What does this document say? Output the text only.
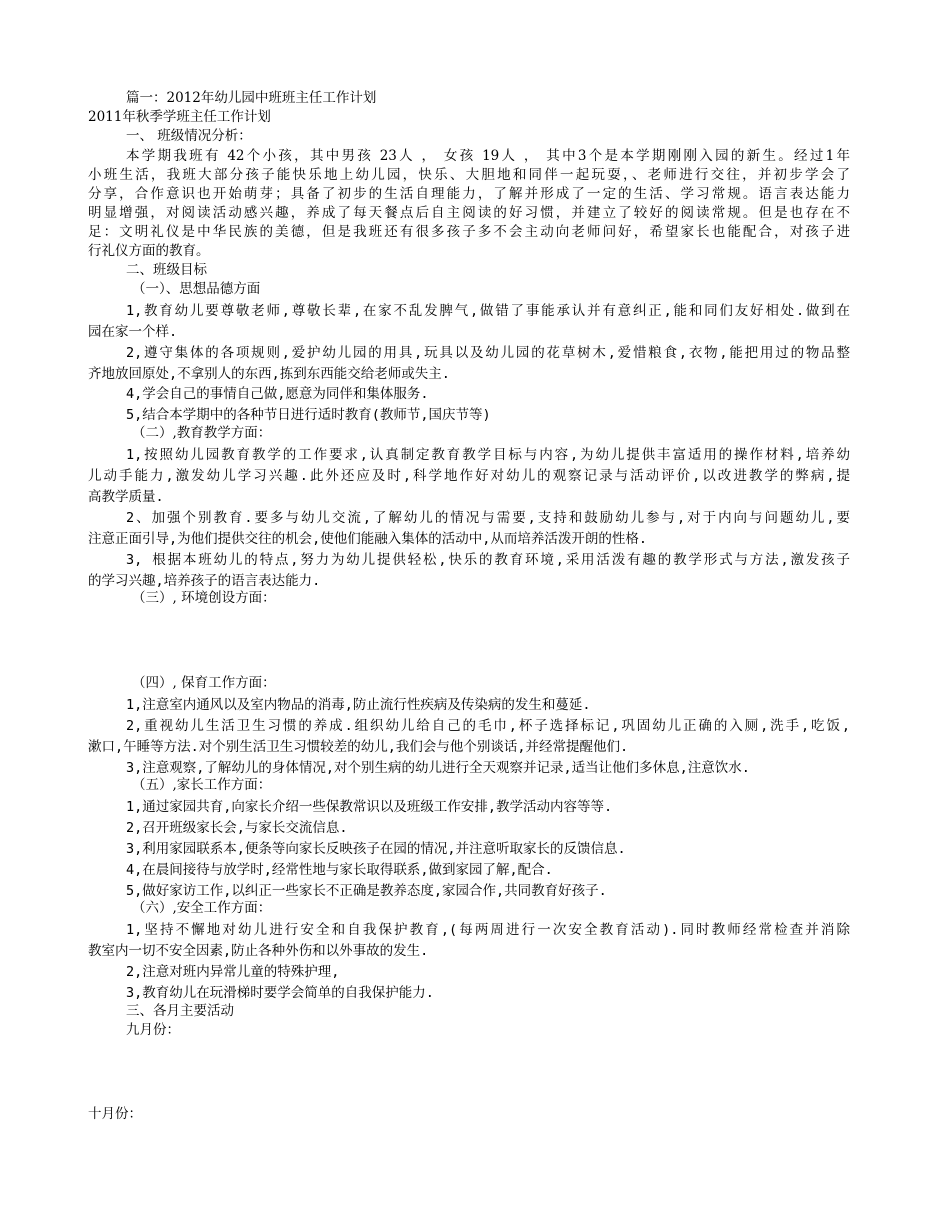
篇一：2012年幼儿园中班班主任工作计划
2011年秋季学班主任工作计划
一、 班级情况分析：
本学期我班有 42个小孩，其中男孩 23人 ， 女孩 19人 ， 其中3个是本学期刚刚入园的新生。经过1年
小班生活，我班大部分孩子能快乐地上幼儿园，快乐、大胆地和同伴一起玩耍，、老师进行交往，并初步学会了
分享，合作意识也开始萌芽；具备了初步的生活自理能力，了解并形成了一定的生活、学习常规。语言表达能力
明显增强，对阅读活动感兴趣，养成了每天餐点后自主阅读的好习惯，并建立了较好的阅读常规。但是也存在不
足：文明礼仪是中华民族的美德，但是我班还有很多孩子多不会主动向老师问好，希望家长也能配合，对孩子进
行礼仪方面的教育。
二、班级目标
（一）、思想品德方面
1,教育幼儿要尊敬老师,尊敬长辈,在家不乱发脾气,做错了事能承认并有意纠正,能和同们友好相处.做到在
园在家一个样.
2,遵守集体的各项规则,爱护幼儿园的用具,玩具以及幼儿园的花草树木,爱惜粮食,衣物,能把用过的物品整
齐地放回原处,不拿别人的东西,拣到东西能交给老师或失主.
4,学会自己的事情自己做,愿意为同伴和集体服务.
5,结合本学期中的各种节日进行适时教育(教师节,国庆节等)
（二）,教育教学方面：
1,按照幼儿园教育教学的工作要求,认真制定教育教学目标与内容,为幼儿提供丰富适用的操作材料,培养幼
儿动手能力,激发幼儿学习兴趣.此外还应及时,科学地作好对幼儿的观察记录与活动评价,以改进教学的弊病,提
高教学质量.
2、加强个别教育.要多与幼儿交流,了解幼儿的情况与需要,支持和鼓励幼儿参与,对于内向与问题幼儿,要
注意正面引导,为他们提供交往的机会,使他们能融入集体的活动中,从而培养活泼开朗的性格.
3, 根据本班幼儿的特点,努力为幼儿提供轻松,快乐的教育环境,采用活泼有趣的教学形式与方法,激发孩子
的学习兴趣,培养孩子的语言表达能力.
（三）, 环境创设方面：
（四）, 保育工作方面：
1,注意室内通风以及室内物品的消毒,防止流行性疾病及传染病的发生和蔓延.
2,重视幼儿生活卫生习惯的养成.组织幼儿给自己的毛巾,杯子选择标记,巩固幼儿正确的入厕,洗手,吃饭,
漱口,午睡等方法.对个别生活卫生习惯较差的幼儿,我们会与他个别谈话,并经常提醒他们.
3,注意观察,了解幼儿的身体情况,对个别生病的幼儿进行全天观察并记录,适当让他们多休息,注意饮水.
（五）,家长工作方面：
1,通过家园共育,向家长介绍一些保教常识以及班级工作安排,教学活动内容等等.
2,召开班级家长会,与家长交流信息.
3,利用家园联系本,便条等向家长反映孩子在园的情况,并注意听取家长的反馈信息.
4,在晨间接待与放学时,经常性地与家长取得联系,做到家园了解,配合.
5,做好家访工作,以纠正一些家长不正确是教养态度,家园合作,共同教育好孩子.
（六）,安全工作方面：
1,坚持不懈地对幼儿进行安全和自我保护教育,(每两周进行一次安全教育活动).同时教师经常检查并消除
教室内一切不安全因素,防止各种外伤和以外事故的发生.
2,注意对班内异常儿童的特殊护理,
3,教育幼儿在玩滑梯时要学会简单的自我保护能力.
三、各月主要活动
九月份：
十月份：
